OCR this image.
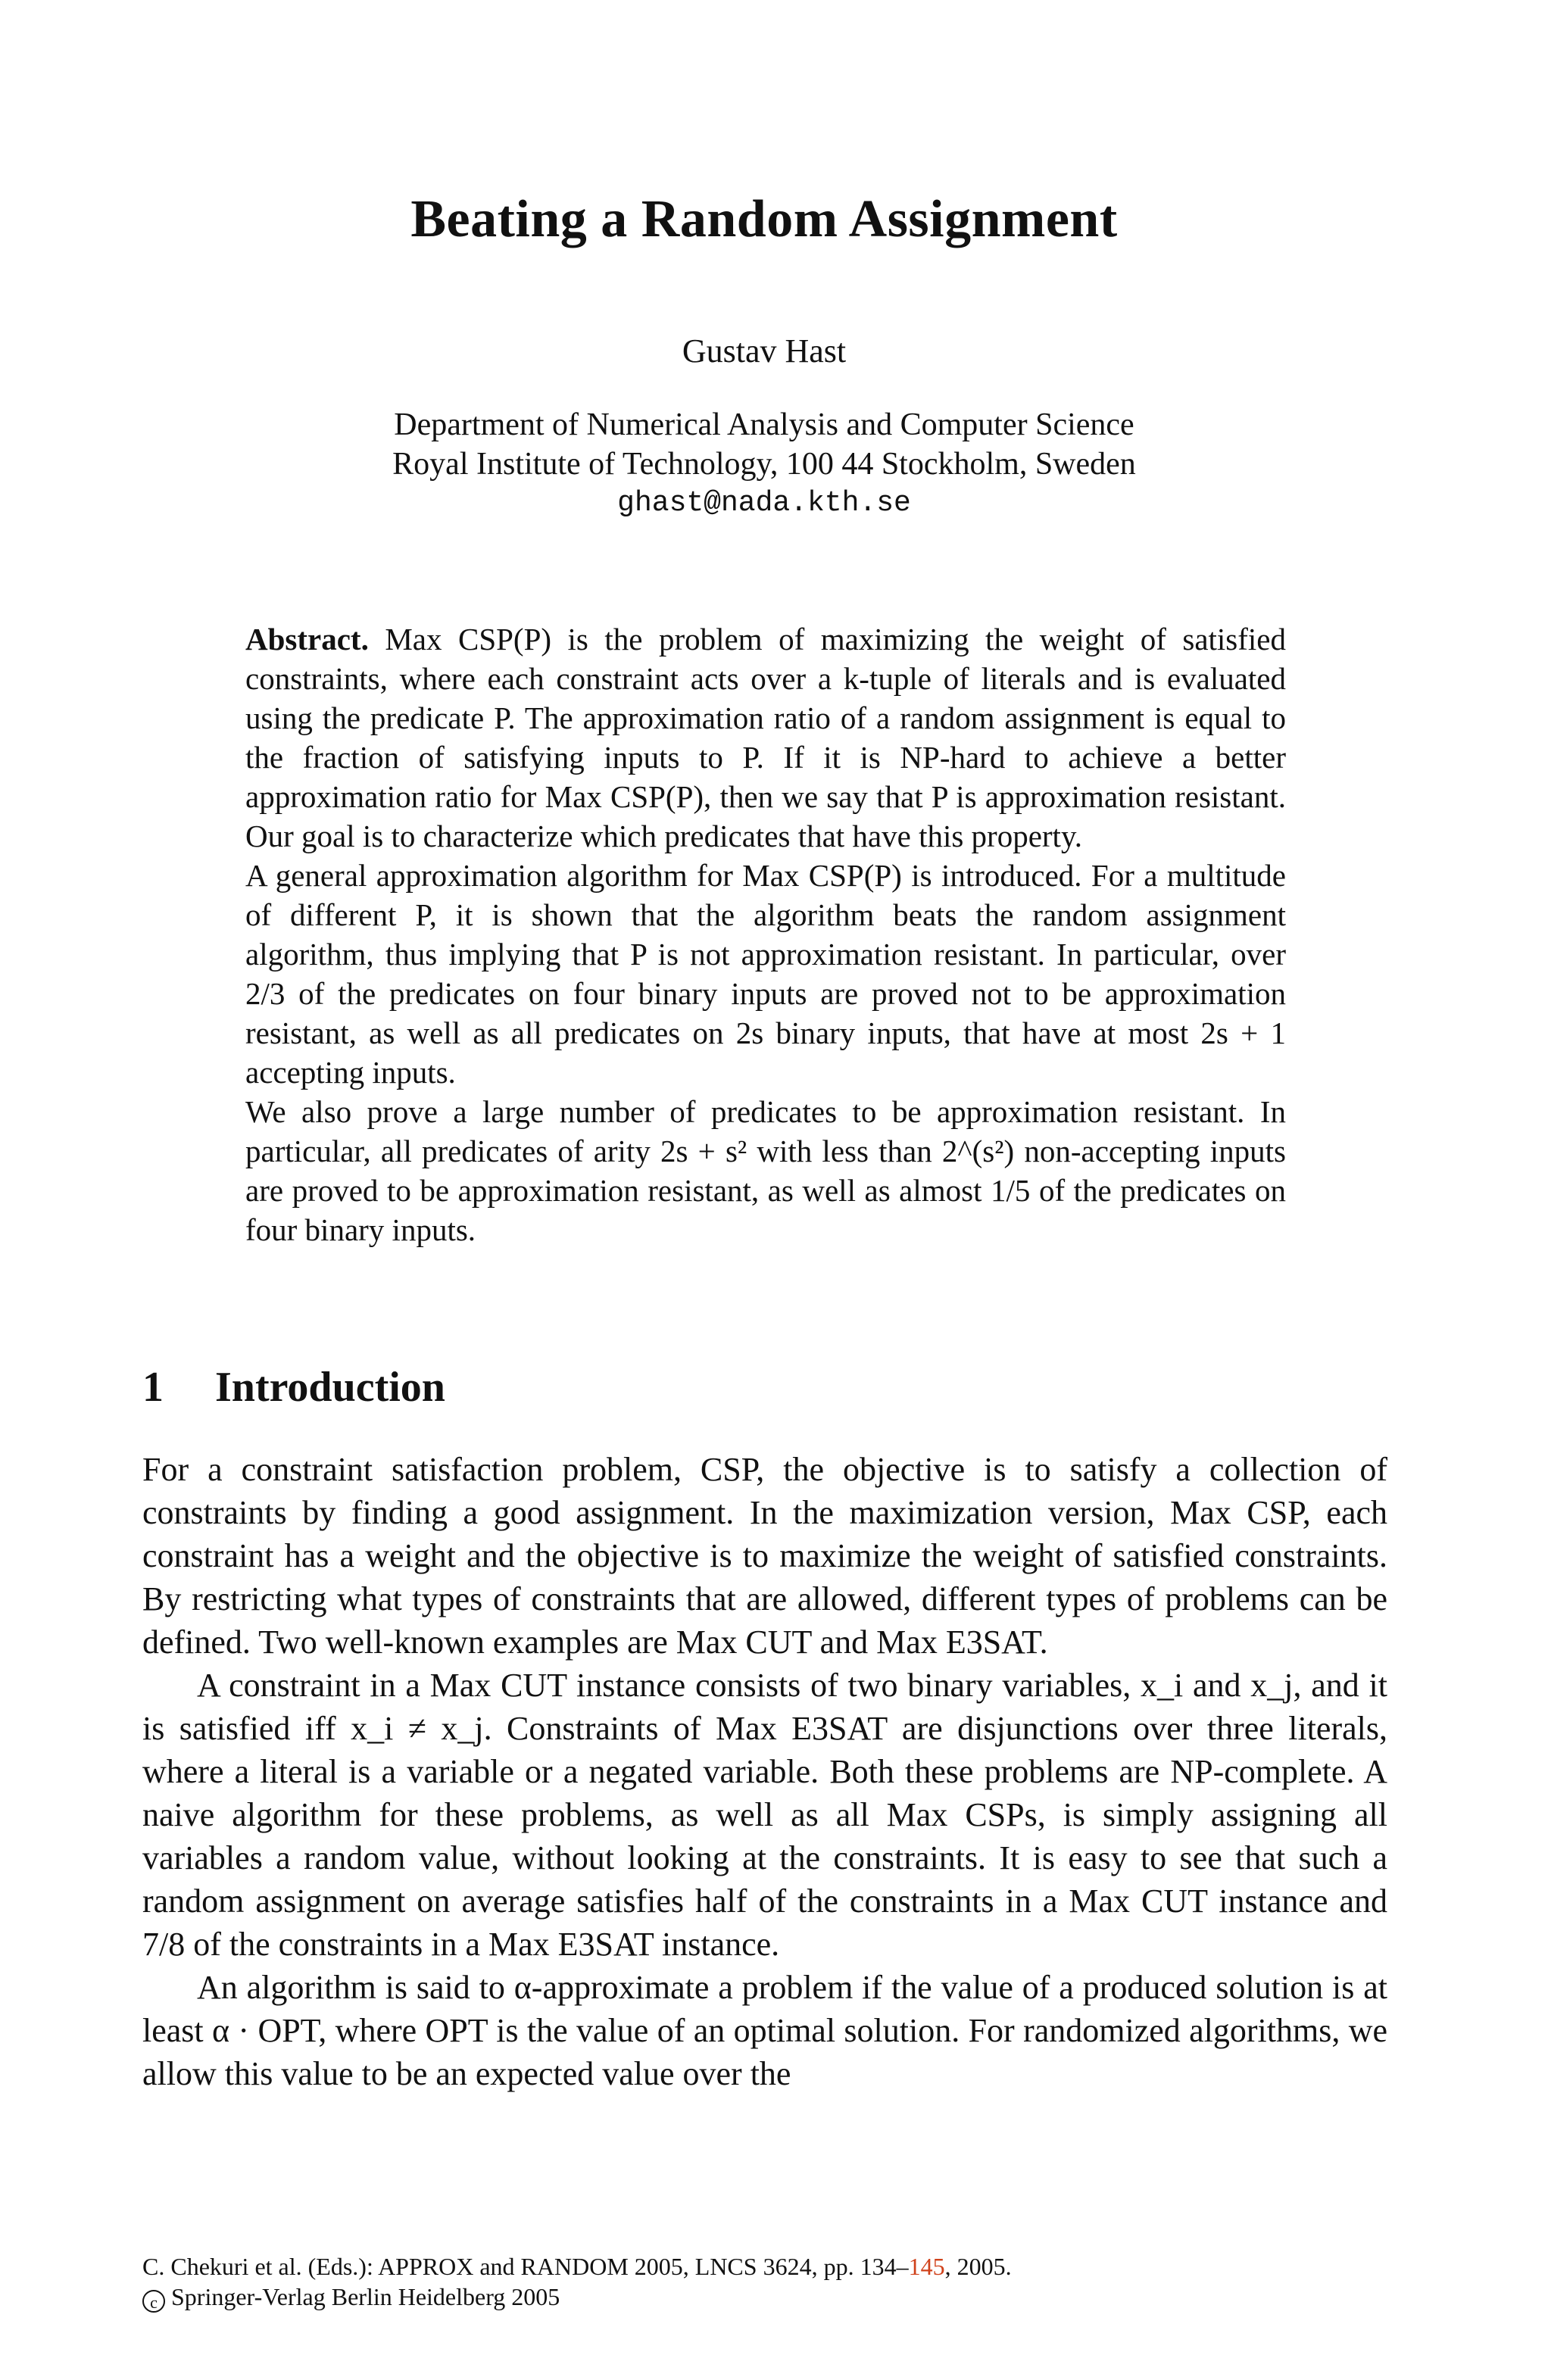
Beating a Random Assignment
Gustav Hast
Department of Numerical Analysis and Computer Science
Royal Institute of Technology, 100 44 Stockholm, Sweden
ghast@nada.kth.se

Abstract. Max CSP(P) is the problem of maximizing the weight of satisfied constraints, where each constraint acts over a k-tuple of literals and is evaluated using the predicate P. The approximation ratio of a random assignment is equal to the fraction of satisfying inputs to P. If it is NP-hard to achieve a better approximation ratio for Max CSP(P), then we say that P is approximation resistant. Our goal is to characterize which predicates that have this property.

A general approximation algorithm for Max CSP(P) is introduced. For a multitude of different P, it is shown that the algorithm beats the random assignment algorithm, thus implying that P is not approximation resistant. In particular, over 2/3 of the predicates on four binary inputs are proved not to be approximation resistant, as well as all predicates on 2s binary inputs, that have at most 2s + 1 accepting inputs.

We also prove a large number of predicates to be approximation resistant. In particular, all predicates of arity 2s + s² with less than 2^(s²) non-accepting inputs are proved to be approximation resistant, as well as almost 1/5 of the predicates on four binary inputs.

1 Introduction

For a constraint satisfaction problem, CSP, the objective is to satisfy a collection of constraints by finding a good assignment. In the maximization version, Max CSP, each constraint has a weight and the objective is to maximize the weight of satisfied constraints. By restricting what types of constraints that are allowed, different types of problems can be defined. Two well-known examples are Max CUT and Max E3SAT.

A constraint in a Max CUT instance consists of two binary variables, x_i and x_j, and it is satisfied iff x_i ≠ x_j. Constraints of Max E3SAT are disjunctions over three literals, where a literal is a variable or a negated variable. Both these problems are NP-complete. A naive algorithm for these problems, as well as all Max CSPs, is simply assigning all variables a random value, without looking at the constraints. It is easy to see that such a random assignment on average satisfies half of the constraints in a Max CUT instance and 7/8 of the constraints in a Max E3SAT instance.

An algorithm is said to α-approximate a problem if the value of a produced solution is at least α · OPT, where OPT is the value of an optimal solution. For randomized algorithms, we allow this value to be an expected value over the

C. Chekuri et al. (Eds.): APPROX and RANDOM 2005, LNCS 3624, pp. 134–145, 2005.
c Springer-Verlag Berlin Heidelberg 2005
